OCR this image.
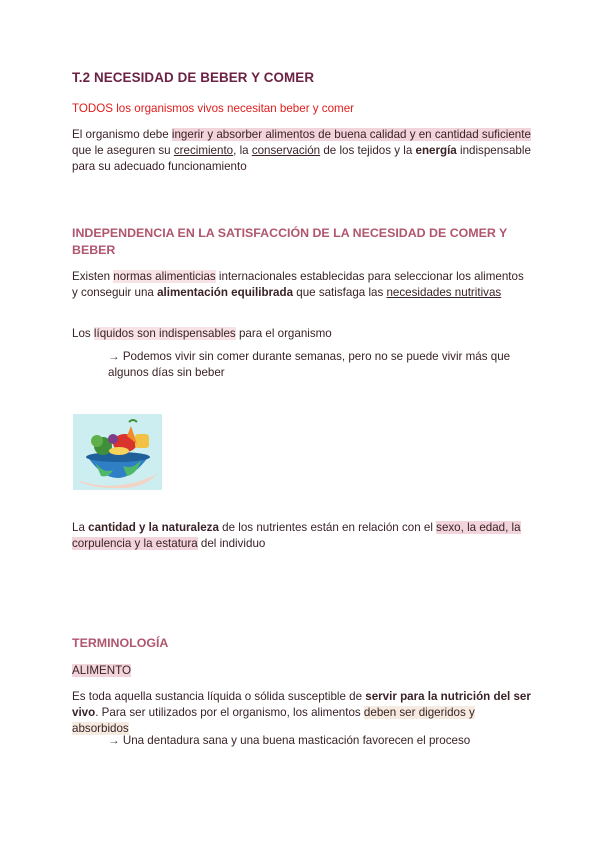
T.2 NECESIDAD DE BEBER Y COMER
TODOS los organismos vivos necesitan beber y comer
El organismo debe ingerir y absorber alimentos de buena calidad y en cantidad suficiente que le aseguren su crecimiento, la conservación de los tejidos y la energía indispensable para su adecuado funcionamiento
INDEPENDENCIA EN LA SATISFACCIÓN DE LA NECESIDAD DE COMER Y BEBER
Existen normas alimenticias internacionales establecidas para seleccionar los alimentos y conseguir una alimentación equilibrada que satisfaga las necesidades nutritivas
Los líquidos son indispensables para el organismo
→ Podemos vivir sin comer durante semanas, pero no se puede vivir más que algunos días sin beber
La cantidad y la naturaleza de los nutrientes están en relación con el sexo, la edad, la corpulencia y la estatura del individuo
TERMINOLOGÍA
ALIMENTO
Es toda aquella sustancia líquida o sólida susceptible de servir para la nutrición del ser vivo. Para ser utilizados por el organismo, los alimentos deben ser digeridos y absorbidos
→ Una dentadura sana y una buena masticación favorecen el proceso
